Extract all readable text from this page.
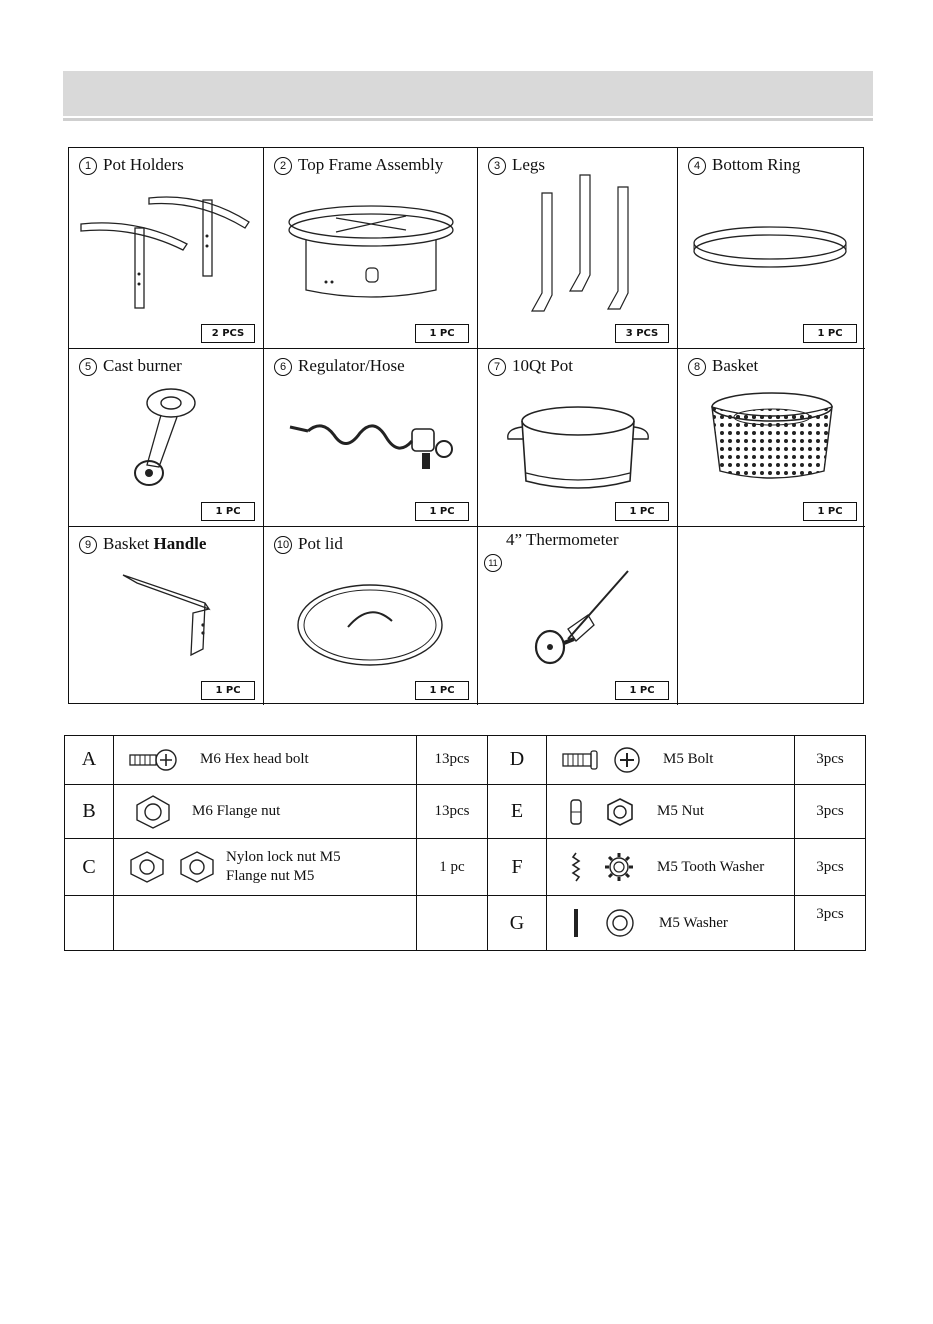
1 Pot Holders
2 PCS
2 Top Frame Assembly
1 PC
3 Legs
3 PCS
4 Bottom Ring
1 PC
5 Cast burner
1 PC
6 Regulator/Hose
1 PC
7 10Qt Pot
1 PC
8 Basket
1 PC
9 Basket Handle
1 PC
10 Pot lid
1 PC
4” Thermometer
11
1 PC
A	M6 Hex head bolt	13pcs	D	M5 Bolt	3pcs
B	M6 Flange nut	13pcs	E	M5 Nut	3pcs
C	Nylon lock nut M5
Flange nut M5	1 pc	F	M5 Tooth Washer	3pcs
			G	M5 Washer	3pcs
